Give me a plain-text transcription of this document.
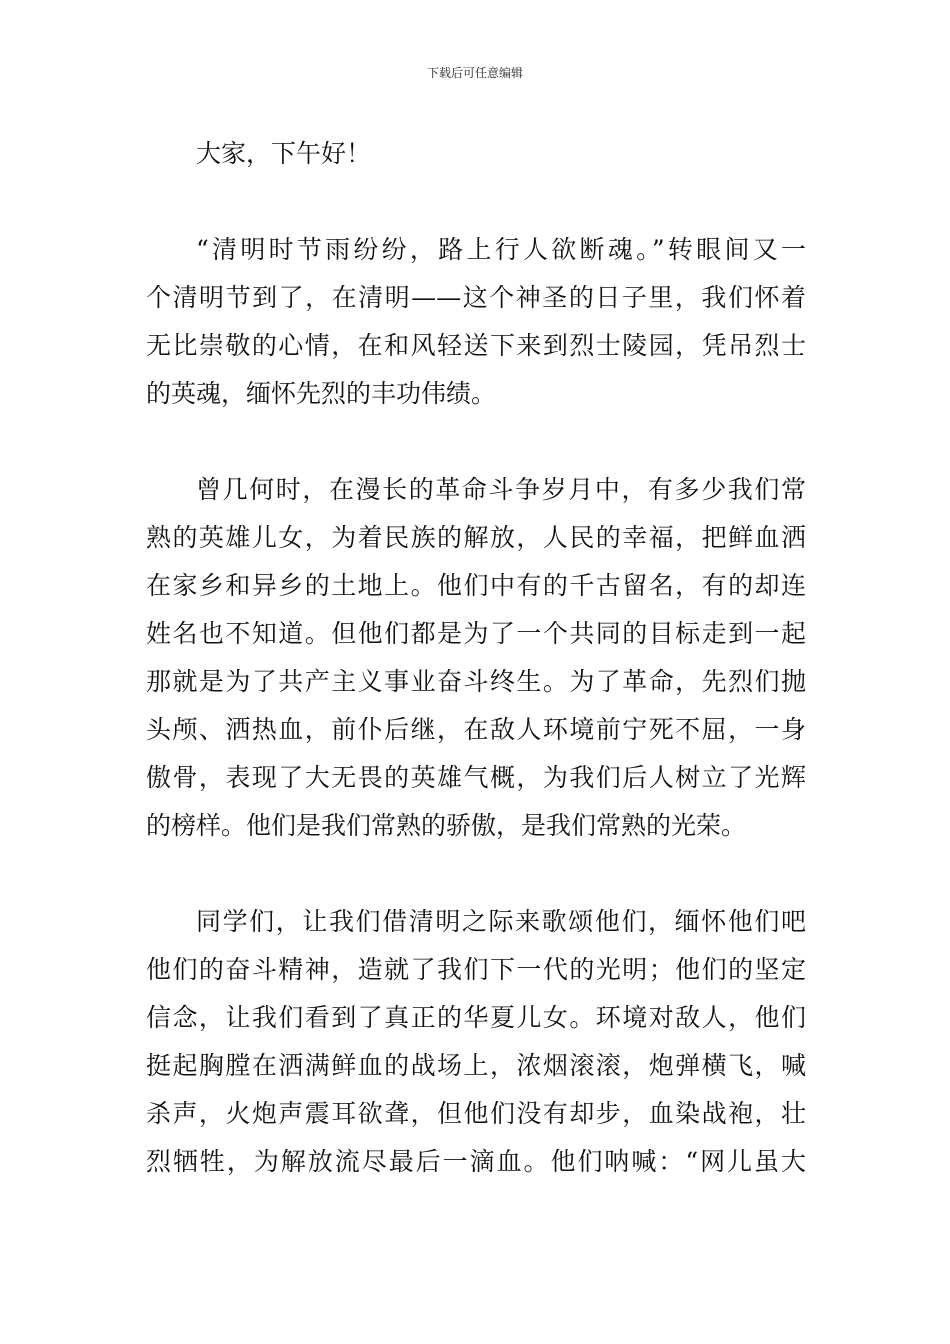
下载后可任意编辑
大家，下午好！
“清明时节雨纷纷，路上行人欲断魂。”转眼间又一
个清明节到了，在清明——这个神圣的日子里，我们怀着
无比崇敬的心情，在和风轻送下来到烈士陵园，凭吊烈士
的英魂，缅怀先烈的丰功伟绩。
曾几何时，在漫长的革命斗争岁月中，有多少我们常
熟的英雄儿女，为着民族的解放，人民的幸福，把鲜血洒
在家乡和异乡的土地上。他们中有的千古留名，有的却连
姓名也不知道。但他们都是为了一个共同的目标走到一起
那就是为了共产主义事业奋斗终生。为了革命，先烈们抛
头颅、洒热血，前仆后继，在敌人环境前宁死不屈，一身
傲骨，表现了大无畏的英雄气概，为我们后人树立了光辉
的榜样。他们是我们常熟的骄傲，是我们常熟的光荣。
同学们，让我们借清明之际来歌颂他们，缅怀他们吧
他们的奋斗精神，造就了我们下一代的光明；他们的坚定
信念，让我们看到了真正的华夏儿女。环境对敌人，他们
挺起胸膛在洒满鲜血的战场上，浓烟滚滚，炮弹横飞，喊
杀声，火炮声震耳欲聋，但他们没有却步，血染战袍，壮
烈牺牲，为解放流尽最后一滴血。他们呐喊：“网儿虽大
